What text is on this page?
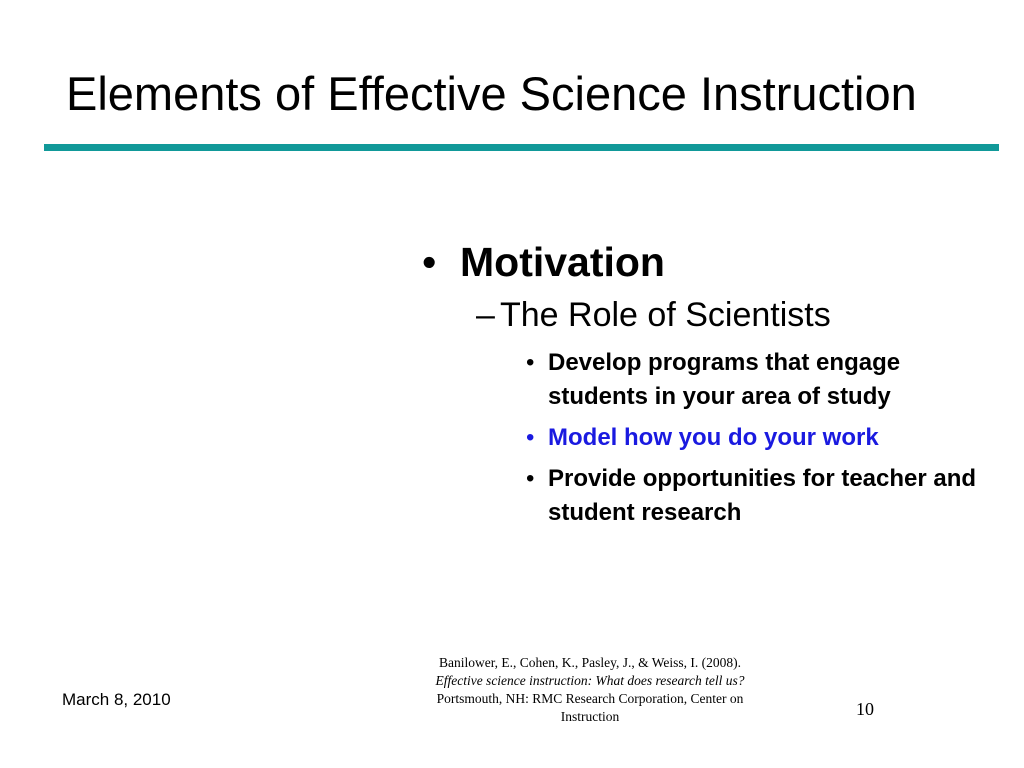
Elements of Effective Science Instruction
• Motivation
– The Role of Scientists
• Develop programs that engage students in your area of study
• Model how you do your work
• Provide opportunities for teacher and student research
Banilower, E., Cohen, K., Pasley, J., & Weiss, I. (2008). Effective science instruction: What does research tell us? Portsmouth, NH: RMC Research Corporation, Center on Instruction
March 8, 2010	10
